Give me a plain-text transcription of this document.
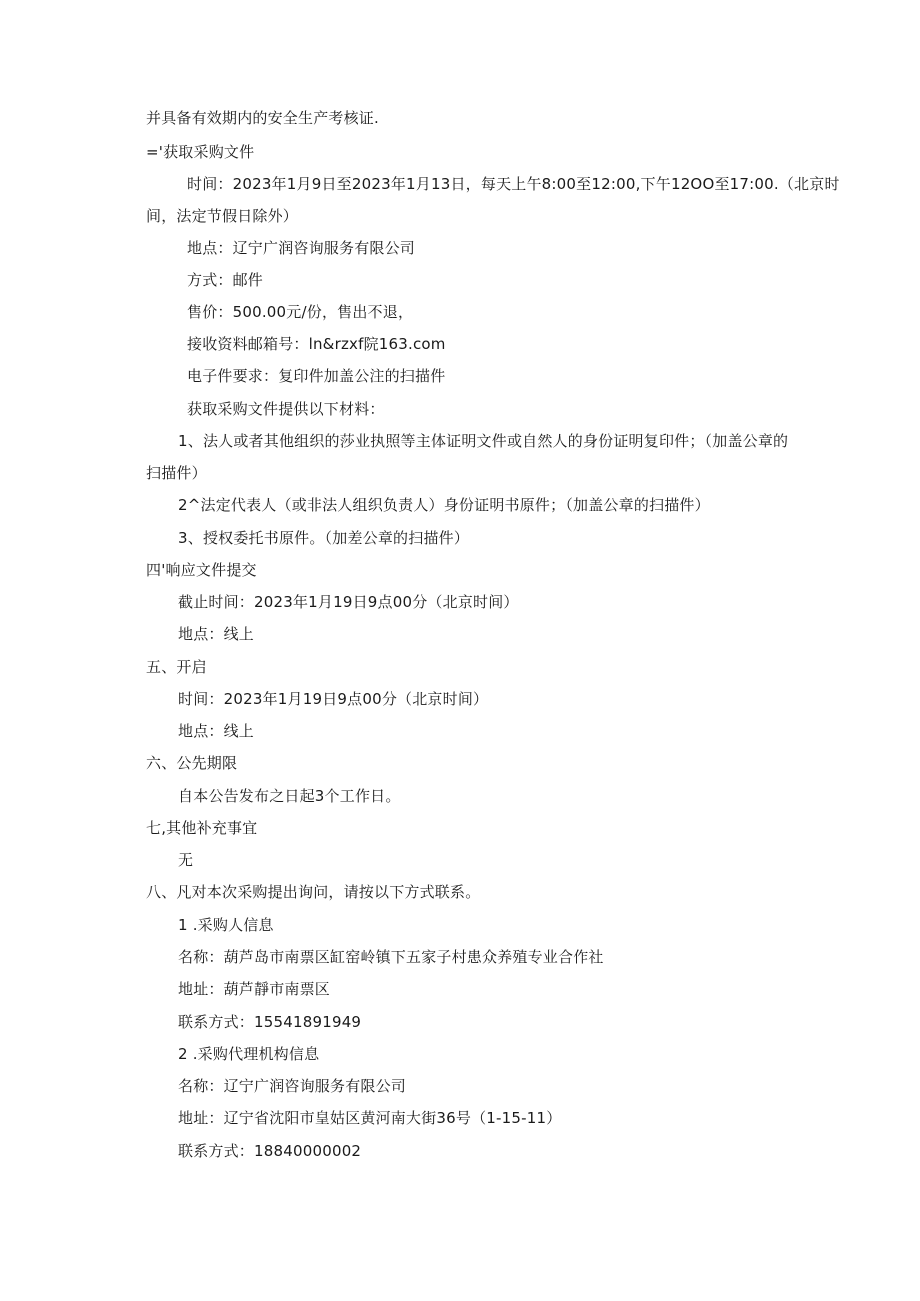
并具备有效期内的安全生产考核证.
='获取采购文件
时间：2023年1月9日至2023年1月13日，每天上午8:00至12:00,下午12OO至17:00.（北京时
间，法定节假日除外）
地点：辽宁广润咨询服务有限公司
方式：邮件
售价：500.00元/份，售出不退，
接收资料邮箱号：ln&rzxf院163.com
电子件要求：复印件加盖公注的扫描件
获取采购文件提供以下材料：
1、法人或者其他组织的莎业执照等主体证明文件或自然人的身份证明复印件；（加盖公章的
扫描件）
2^法定代表人（或非法人组织负责人）身份证明书原件；（加盖公章的扫描件）
3、授权委托书原件。（加差公章的扫描件）
四'响应文件提交
截止时间：2023年1月19日9点00分（北京时间）
地点：线上
五、开启
时间：2023年1月19日9点00分（北京时间）
地点：线上
六、公先期限
自本公告发布之日起3个工作日。
七,其他补充事宜
无
八、凡对本次采购提出询问，请按以下方式联系。
1 .采购人信息
名称：葫芦岛市南票区缸窑岭镇下五家子村患众养殖专业合作社
地址：葫芦靜市南票区
联系方式：15541891949
2 .采购代理机构信息
名称：辽宁广润咨询服务有限公司
地址：辽宁省沈阳市皇姑区黄河南大街36号（1-15-11）
联系方式：18840000002
